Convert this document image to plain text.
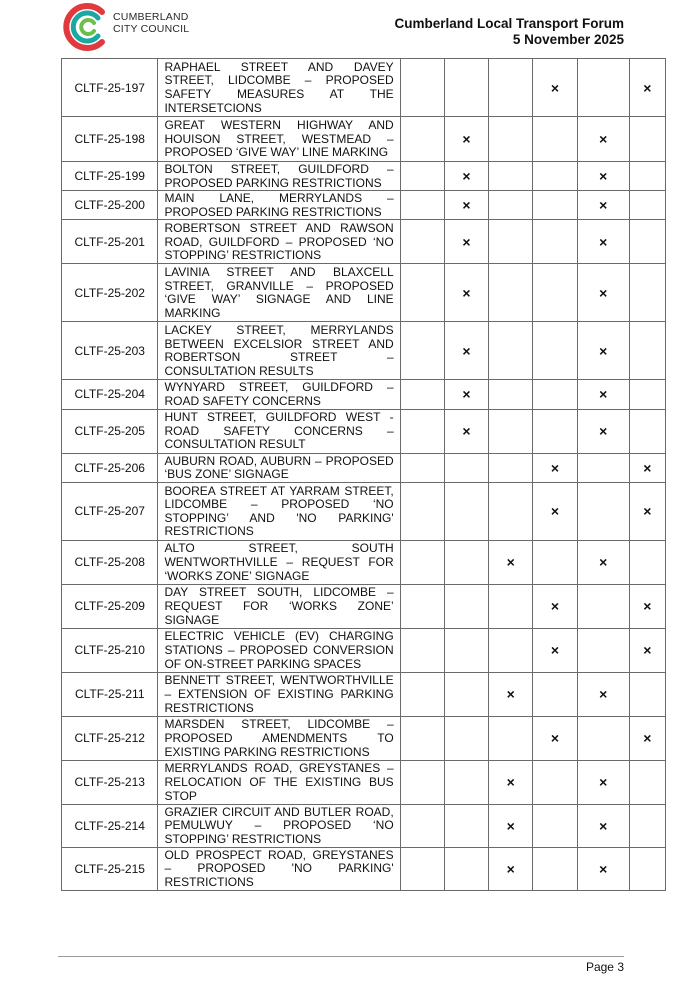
CUMBERLAND
CITY COUNCIL	Cumberland Local Transport Forum
5 November 2025
CLTF-25-197	RAPHAEL STREET AND DAVEY STREET, LIDCOMBE – PROPOSED SAFETY MEASURES AT THE INTERSETCIONS				×		×
CLTF-25-198	GREAT WESTERN HIGHWAY AND HOUISON STREET, WESTMEAD – PROPOSED ‘GIVE WAY’ LINE MARKING		×			×	
CLTF-25-199	BOLTON STREET, GUILDFORD – PROPOSED PARKING RESTRICTIONS		×			×	
CLTF-25-200	MAIN LANE, MERRYLANDS – PROPOSED PARKING RESTRICTIONS		×			×	
CLTF-25-201	ROBERTSON STREET AND RAWSON ROAD, GUILDFORD – PROPOSED ‘NO STOPPING’ RESTRICTIONS		×			×	
CLTF-25-202	LAVINIA STREET AND BLAXCELL STREET, GRANVILLE – PROPOSED ‘GIVE WAY’ SIGNAGE AND LINE MARKING		×			×	
CLTF-25-203	LACKEY STREET, MERRYLANDS BETWEEN EXCELSIOR STREET AND ROBERTSON STREET – CONSULTATION RESULTS		×			×	
CLTF-25-204	WYNYARD STREET, GUILDFORD – ROAD SAFETY CONCERNS		×			×	
CLTF-25-205	HUNT STREET, GUILDFORD WEST - ROAD SAFETY CONCERNS – CONSULTATION RESULT		×			×	
CLTF-25-206	AUBURN ROAD, AUBURN – PROPOSED ‘BUS ZONE’ SIGNAGE				×		×
CLTF-25-207	BOOREA STREET AT YARRAM STREET, LIDCOMBE – PROPOSED ‘NO STOPPING’ AND 'NO PARKING' RESTRICTIONS				×		×
CLTF-25-208	ALTO STREET, SOUTH WENTWORTHVILLE – REQUEST FOR ‘WORKS ZONE’ SIGNAGE			×		×	
CLTF-25-209	DAY STREET SOUTH, LIDCOMBE – REQUEST FOR ‘WORKS ZONE’ SIGNAGE				×		×
CLTF-25-210	ELECTRIC VEHICLE (EV) CHARGING STATIONS – PROPOSED CONVERSION OF ON-STREET PARKING SPACES				×		×
CLTF-25-211	BENNETT STREET, WENTWORTHVILLE – EXTENSION OF EXISTING PARKING RESTRICTIONS			×		×	
CLTF-25-212	MARSDEN STREET, LIDCOMBE – PROPOSED AMENDMENTS TO EXISTING PARKING RESTRICTIONS				×		×
CLTF-25-213	MERRYLANDS ROAD, GREYSTANES – RELOCATION OF THE EXISTING BUS STOP			×		×	
CLTF-25-214	GRAZIER CIRCUIT AND BUTLER ROAD, PEMULWUY – PROPOSED ‘NO STOPPING’ RESTRICTIONS			×		×	
CLTF-25-215	OLD PROSPECT ROAD, GREYSTANES – PROPOSED 'NO PARKING' RESTRICTIONS			×		×	
Page 3
